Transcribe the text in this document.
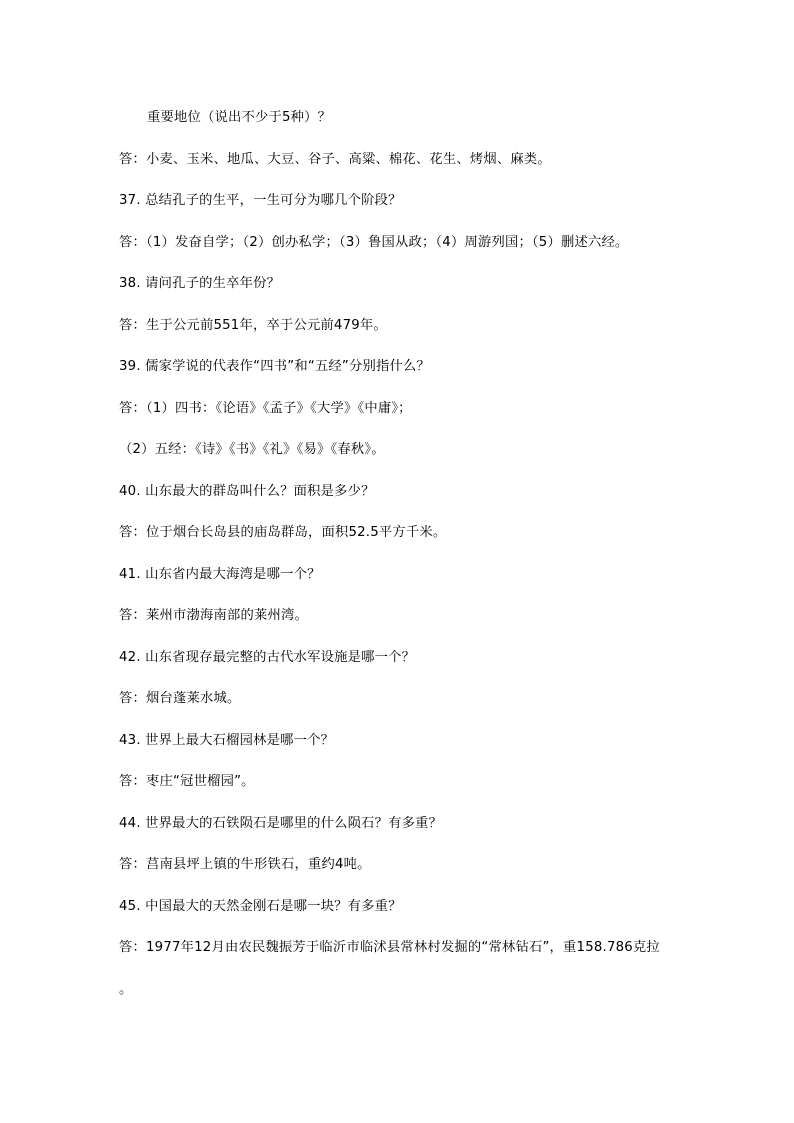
重要地位（说出不少于5种）？
答：小麦、玉米、地瓜、大豆、谷子、高粱、棉花、花生、烤烟、麻类。
37. 总结孔子的生平，一生可分为哪几个阶段？
答：（1）发奋自学；（2）创办私学；（3）鲁国从政；（4）周游列国；（5）删述六经。
38. 请问孔子的生卒年份？
答：生于公元前551年，卒于公元前479年。
39. 儒家学说的代表作“四书”和“五经”分别指什么？
答：（1）四书：《论语》《孟子》《大学》《中庸》；
（2）五经：《诗》《书》《礼》《易》《春秋》。
40. 山东最大的群岛叫什么？面积是多少？
答：位于烟台长岛县的庙岛群岛，面积52.5平方千米。
41. 山东省内最大海湾是哪一个？
答：莱州市渤海南部的莱州湾。
42. 山东省现存最完整的古代水军设施是哪一个？
答：烟台蓬莱水城。
43. 世界上最大石榴园林是哪一个？
答：枣庄“冠世榴园”。
44. 世界最大的石铁陨石是哪里的什么陨石？有多重？
答：莒南县坪上镇的牛形铁石，重约4吨。
45. 中国最大的天然金刚石是哪一块？有多重？
答：1977年12月由农民魏振芳于临沂市临沭县常林村发掘的“常林钻石”，重158.786克拉
。
